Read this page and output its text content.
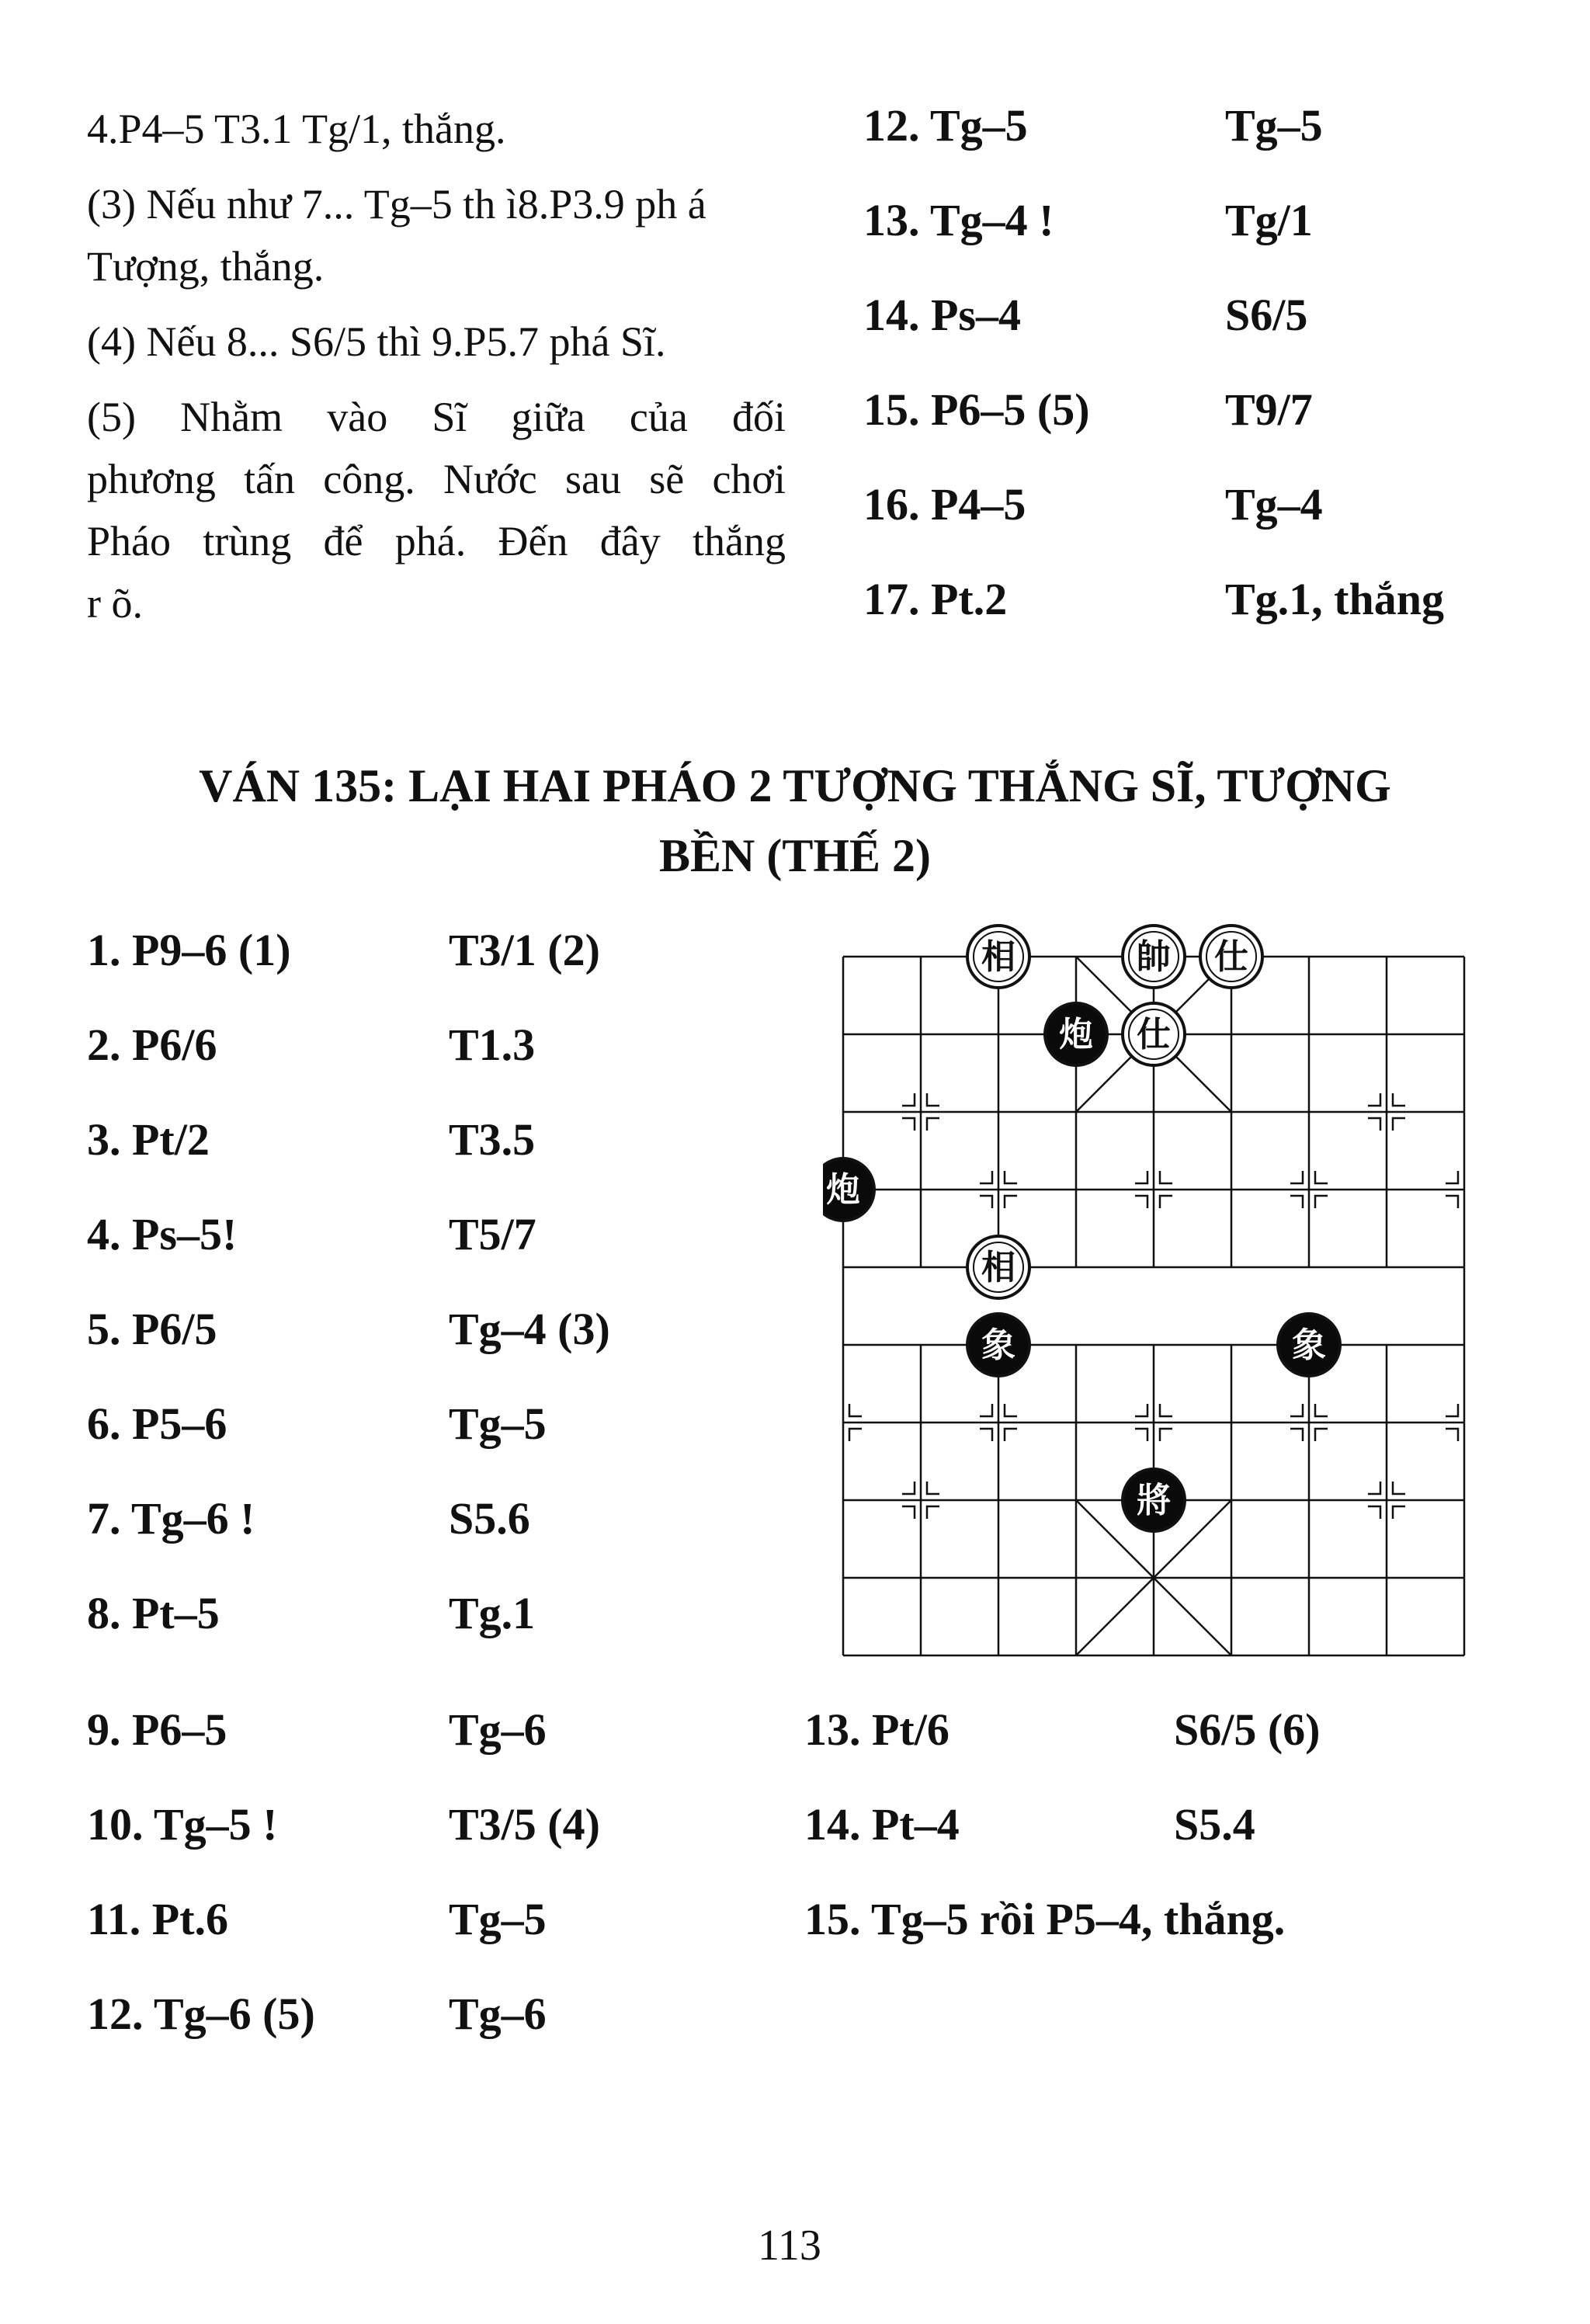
4.P4–5 T3.1 Tg/1, thắng.
(3) Nếu như 7... Tg–5 th ì8.P3.9 ph á
Tượng, thắng.
(4) Nếu 8... S6/5 thì 9.P5.7 phá Sĩ.
(5) Nhằm vào Sĩ giữa của đối
phương tấn công. Nước sau sẽ chơi
Pháo trùng để phá. Đến đây thắng
r õ.
12. Tg–5	Tg–5
13. Tg–4 !	Tg/1
14. Ps–4	S6/5
15. P6–5 (5)	T9/7
16. P4–5	Tg–4
17. Pt.2	Tg.1, thắng
VÁN 135: LẠI HAI PHÁO 2 TƯỢNG THẮNG SĨ, TƯỢNG
BỀN (THẾ 2)
1. P9–6 (1)	T3/1 (2)
2. P6/6	T1.3
3. Pt/2	T3.5
4. Ps–5!	T5/7
5. P6/5	Tg–4 (3)
6. P5–6	Tg–5
7. Tg–6 !	S5.6
8. Pt–5	Tg.1
9. P6–5	Tg–6
10. Tg–5 !	T3/5 (4)
11. Pt.6	Tg–5
12. Tg–6 (5)	Tg–6
13. Pt/6	S6/5 (6)
14. Pt–4	S5.4
15. Tg–5 rồi P5–4, thắng.
相	帥 仕
炮 仕
炮
相
象	象
將
113
